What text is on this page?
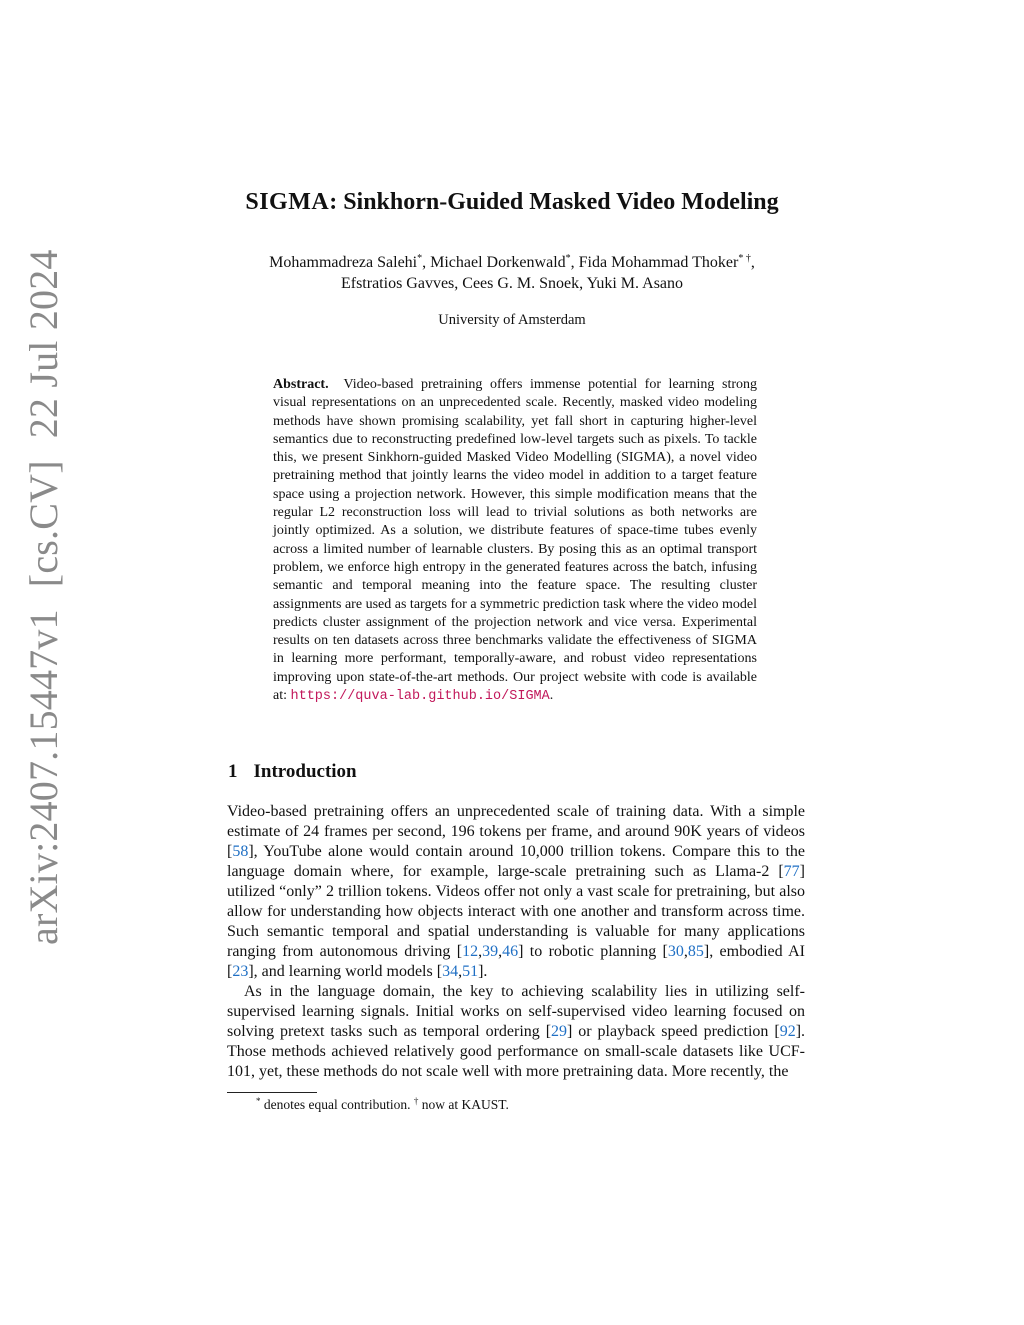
arXiv:2407.15447v1[cs.CV]22 Jul 2024
SIGMA: Sinkhorn-Guided Masked Video Modeling
Mohammadreza Salehi*, Michael Dorkenwald*, Fida Mohammad Thoker* †,
Efstratios Gavves, Cees G. M. Snoek, Yuki M. Asano
University of Amsterdam
Abstract. Video-based pretraining offers immense potential for learning strong visual representations on an unprecedented scale. Recently, masked video modeling methods have shown promising scalability, yet fall short in capturing higher-level semantics due to reconstructing predefined low-level targets such as pixels. To tackle this, we present Sinkhorn-guided Masked Video Modelling (SIGMA), a novel video pretraining method that jointly learns the video model in addition to a target feature space using a projection network. However, this simple modification means that the regular L2 reconstruction loss will lead to trivial solutions as both networks are jointly optimized. As a solution, we distribute features of space-time tubes evenly across a limited number of learnable clusters. By posing this as an optimal transport problem, we enforce high entropy in the generated features across the batch, infusing semantic and temporal meaning into the feature space. The resulting cluster assignments are used as targets for a symmetric prediction task where the video model predicts cluster assignment of the projection network and vice versa. Experimental results on ten datasets across three benchmarks validate the effectiveness of SIGMA in learning more performant, temporally-aware, and robust video representations improving upon state-of-the-art methods. Our project website with code is available at: https://quva-lab.github.io/SIGMA.
1 Introduction

Video-based pretraining offers an unprecedented scale of training data. With a simple estimate of 24 frames per second, 196 tokens per frame, and around 90K years of videos [58], YouTube alone would contain around 10,000 trillion tokens. Compare this to the language domain where, for example, large-scale pretraining such as Llama-2 [77] utilized “only” 2 trillion tokens. Videos offer not only a vast scale for pretraining, but also allow for understanding how objects interact with one another and transform across time. Such semantic temporal and spatial understanding is valuable for many applications ranging from autonomous driving [12,39,46] to robotic planning [30,85], embodied AI [23], and learning world models [34,51].

As in the language domain, the key to achieving scalability lies in utilizing self-supervised learning signals. Initial works on self-supervised video learning focused on solving pretext tasks such as temporal ordering [29] or playback speed prediction [92]. Those methods achieved relatively good performance on small-scale datasets like UCF-101, yet, these methods do not scale well with more pretraining data. More recently, the

* denotes equal contribution. † now at KAUST.
